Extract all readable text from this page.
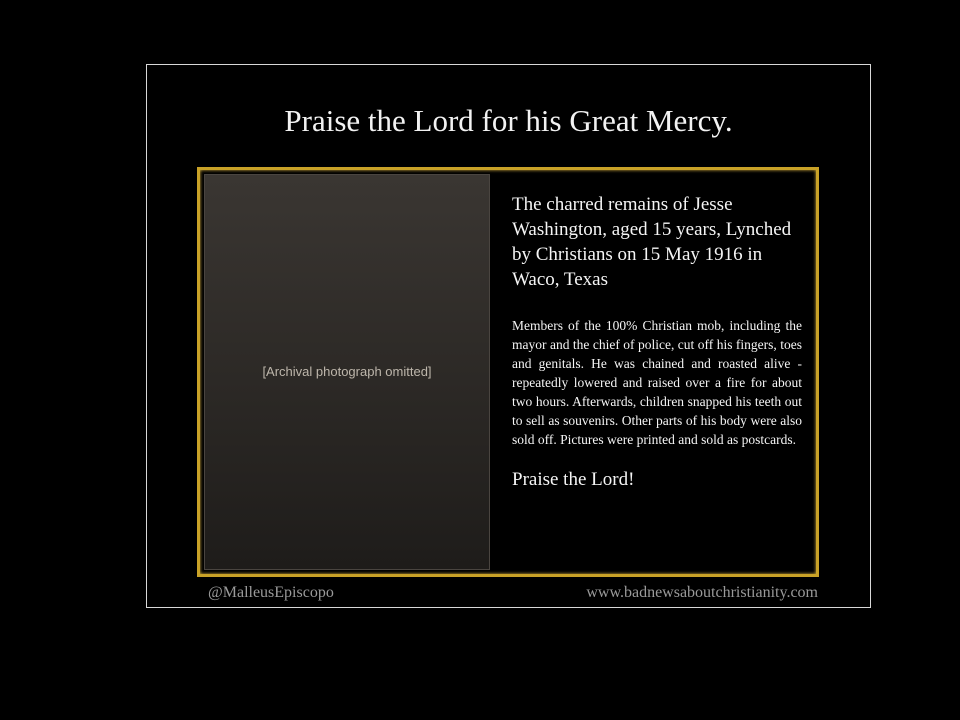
Praise the Lord for his Great Mercy.
[Archival photograph omitted]

The charred remains of Jesse Washington, aged 15 years, Lynched by Christians on 15 May 1916 in Waco, Texas

Members of the 100% Christian mob, including the mayor and the chief of police, cut off his fingers, toes and genitals. He was chained and roasted alive - repeatedly lowered and raised over a fire for about two hours. Afterwards, children snapped his teeth out to sell as souvenirs. Other parts of his body were also sold off. Pictures were printed and sold as postcards.

Praise the Lord!

@MalleusEpiscopo	www.badnewsaboutchristianity.com
